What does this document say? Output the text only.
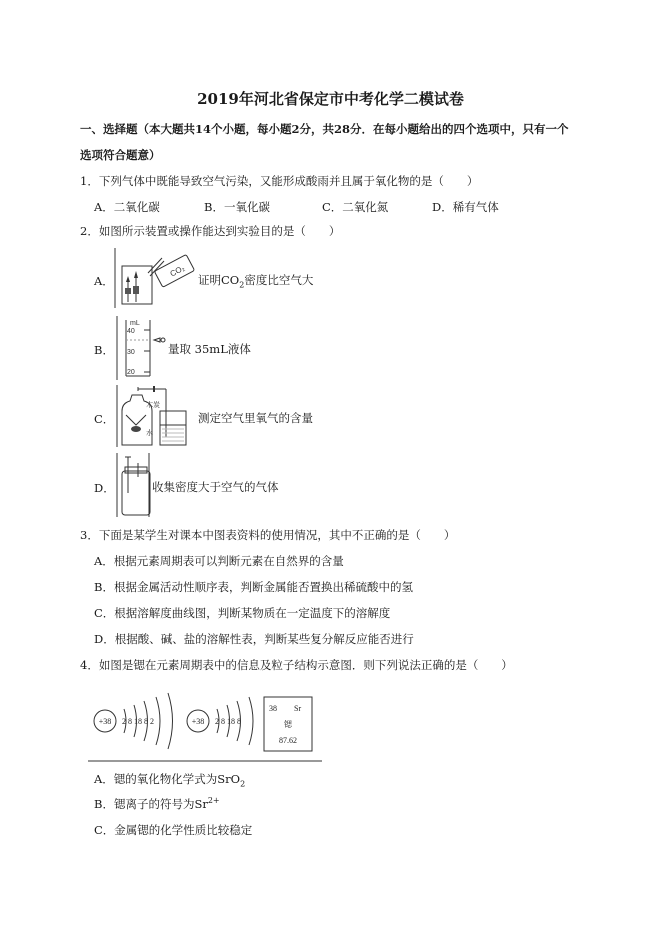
2019年河北省保定市中考化学二模试卷
一、选择题（本大题共14个小题，每小题2分，共28分．在每小题给出的四个选项中，只有一个
选项符合题意）
1．下列气体中既能导致空气污染，又能形成酸雨并且属于氧化物的是（　　）
A．二氧化碳	B．一氧化碳	C．二氧化氮	D．稀有气体
2．如图所示装置或操作能达到实验目的是（　　）
A．
CO₂
证明$CO_2$密度比空气大
B．
mL
40
30
20
量取 35mL液体
C．
木炭
水
测定空气里氧气的含量
D．	收集密度大于空气的气体
3．下面是某学生对课本中图表资料的使用情况，其中不正确的是（　　）
A．根据元素周期表可以判断元素在自然界的含量
B．根据金属活动性顺序表，判断金属能否置换出稀硫酸中的氢
C．根据溶解度曲线图，判断某物质在一定温度下的溶解度
D．根据酸、碱、盐的溶解性表，判断某些复分解反应能否进行
4．如图是锶在元素周期表中的信息及粒子结构示意图．则下列说法正确的是（　　）
+38 2 8 18 8 2	+38 2 8 18 8
38 Sr
锶
87.62
A．锶的氧化物化学式为SrO$_2$
B．锶离子的符号为$Sr^{2+}$
C．金属锶的化学性质比较稳定
